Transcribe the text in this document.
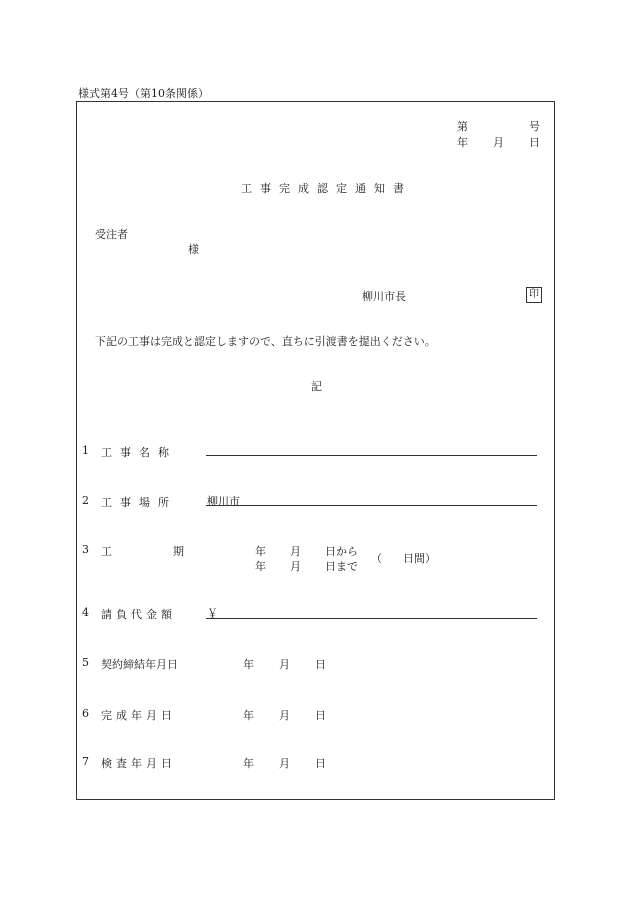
様式第4号（第10条関係）
第	号
年 月 日
工事完成認定通知書
受注者
様
柳川市長	印
下記の工事は完成と認定しますので、直ちに引渡書を提出ください。
記
1 工事名称
2 工事場所	柳川市
3 工	期	年 月 日から
年 月 日まで
（ 日間）
4 請負代金額	￥
5 契約締結年月日	年 月 日
6 完成年月日	年 月 日
7 検査年月日	年 月 日
